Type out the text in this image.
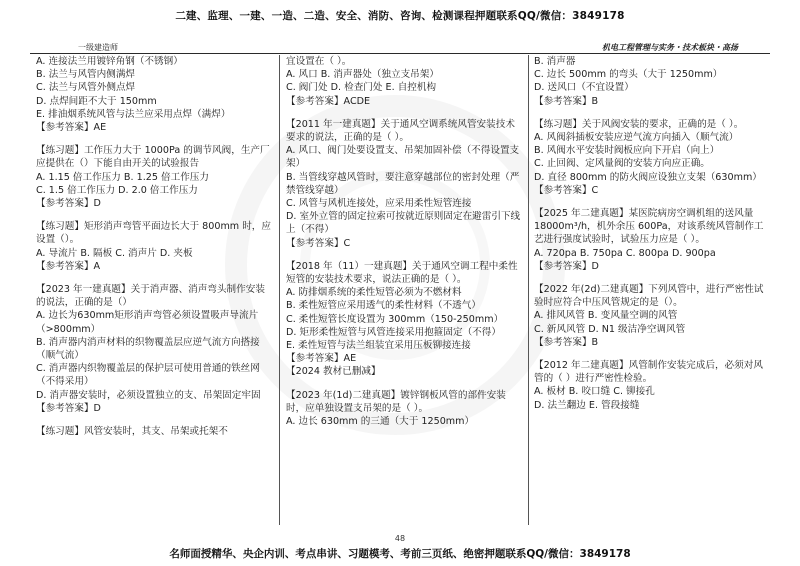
二建、监理、一建、一造、二造、安全、消防、咨询、检测课程押题联系QQ/微信：3849178
一级建造师	机电工程管理与实务・技术板块・高扬

A. 连接法兰用镀锌角钢（不锈钢）

B. 法兰与风管内侧满焊

C. 法兰与风管外侧点焊

D. 点焊间距不大于 150mm

E. 排油烟系统风管与法兰应采用点焊（满焊）

【参考答案】AE

【练习题】工作压力大于 1000Pa 的调节风阀，生产厂应提供在（）下能自由开关的试验报告

A. 1.15 倍工作压力 B. 1.25 倍工作压力

C. 1.5 倍工作压力 D. 2.0 倍工作压力

【参考答案】D

【练习题】矩形消声弯管平面边长大于 800mm 时，应设置（）。

A. 导流片 B. 隔板 C. 消声片 D. 夹板

【参考答案】A

【2023 年一建真题】关于消声器、消声弯头制作安装的说法，正确的是（）

A. 边长为630mm矩形消声弯管必须设置吸声导流片（>800mm）

B. 消声器内消声材料的织物覆盖层应逆气流方向搭接（顺气流）

C. 消声器内织物覆盖层的保护层可使用普通的铁丝网（不得采用）

D. 消声器安装时，必须设置独立的支、吊架固定牢固

【参考答案】D

【练习题】风管安装时，其支、吊架或托架不

宜设置在（ ）。

A. 风口 B. 消声器处（独立支吊架）

C. 阀门处 D. 检查门处 E. 自控机构

【参考答案】ACDE

【2011 年一建真题】关于通风空调系统风管安装技术要求的说法，正确的是（ ）。

A. 风口、阀门处要设置支、吊架加固补偿（不得设置支架）

B. 当管线穿越风管时，要注意穿越部位的密封处理（严禁管线穿越）

C. 风管与风机连接处，应采用柔性短管连接

D. 室外立管的固定拉索可按就近原则固定在避雷引下线上（不得）

【参考答案】C

【2018 年（11）一建真题】关于通风空调工程中柔性短管的安装技术要求，说法正确的是（ ）。

A. 防排烟系统的柔性短管必须为不燃材料

B. 柔性短管应采用透气的柔性材料（不透气）

C. 柔性短管长度设置为 300mm（150-250mm）

D. 矩形柔性短管与风管连接采用抱箍固定（不得）

E. 柔性短管与法兰组装宜采用压板铆接连接

【参考答案】AE

【2024 教材已删减】

【2023 年(1d)二建真题】镀锌钢板风管的部件安装时，应单独设置支吊架的是（ ）。

A. 边长 630mm 的三通（大于 1250mm）

B. 消声器

C. 边长 500mm 的弯头（大于 1250mm）

D. 送风口（不宜设置）

【参考答案】B

【练习题】关于风阀安装的要求，正确的是（ ）。

A. 风阀斜插板安装应逆气流方向插入（顺气流）

B. 风阀水平安装时阀板应向下开启（向上）

C. 止回阀、定风量阀的安装方向应正确。

D. 直径 800mm 的防火阀应设独立支架（630mm）

【参考答案】C

【2025 年二建真题】某医院病房空调机组的送风量 18000m³/h，机外余压 600Pa，对该系统风管制作工艺进行强度试验时，试验压力应是（ ）。

A. 720pa B. 750pa C. 800pa D. 900pa

【参考答案】D

【2022 年(2d)二建真题】下列风管中，进行严密性试验时应符合中压风管规定的是（）。

A. 排风风管 B. 变风量空调的风管

C. 新风风管 D. N1 级洁净空调风管

【参考答案】B

【2012 年二建真题】风管制作安装完成后，必须对风管的（ ）进行严密性检验。

A. 板材 B. 咬口缝 C. 铆接孔

D. 法兰翻边 E. 管段接缝

48
名师面授精华、央企内训、考点串讲、习题模考、考前三页纸、绝密押题联系QQ/微信：3849178
